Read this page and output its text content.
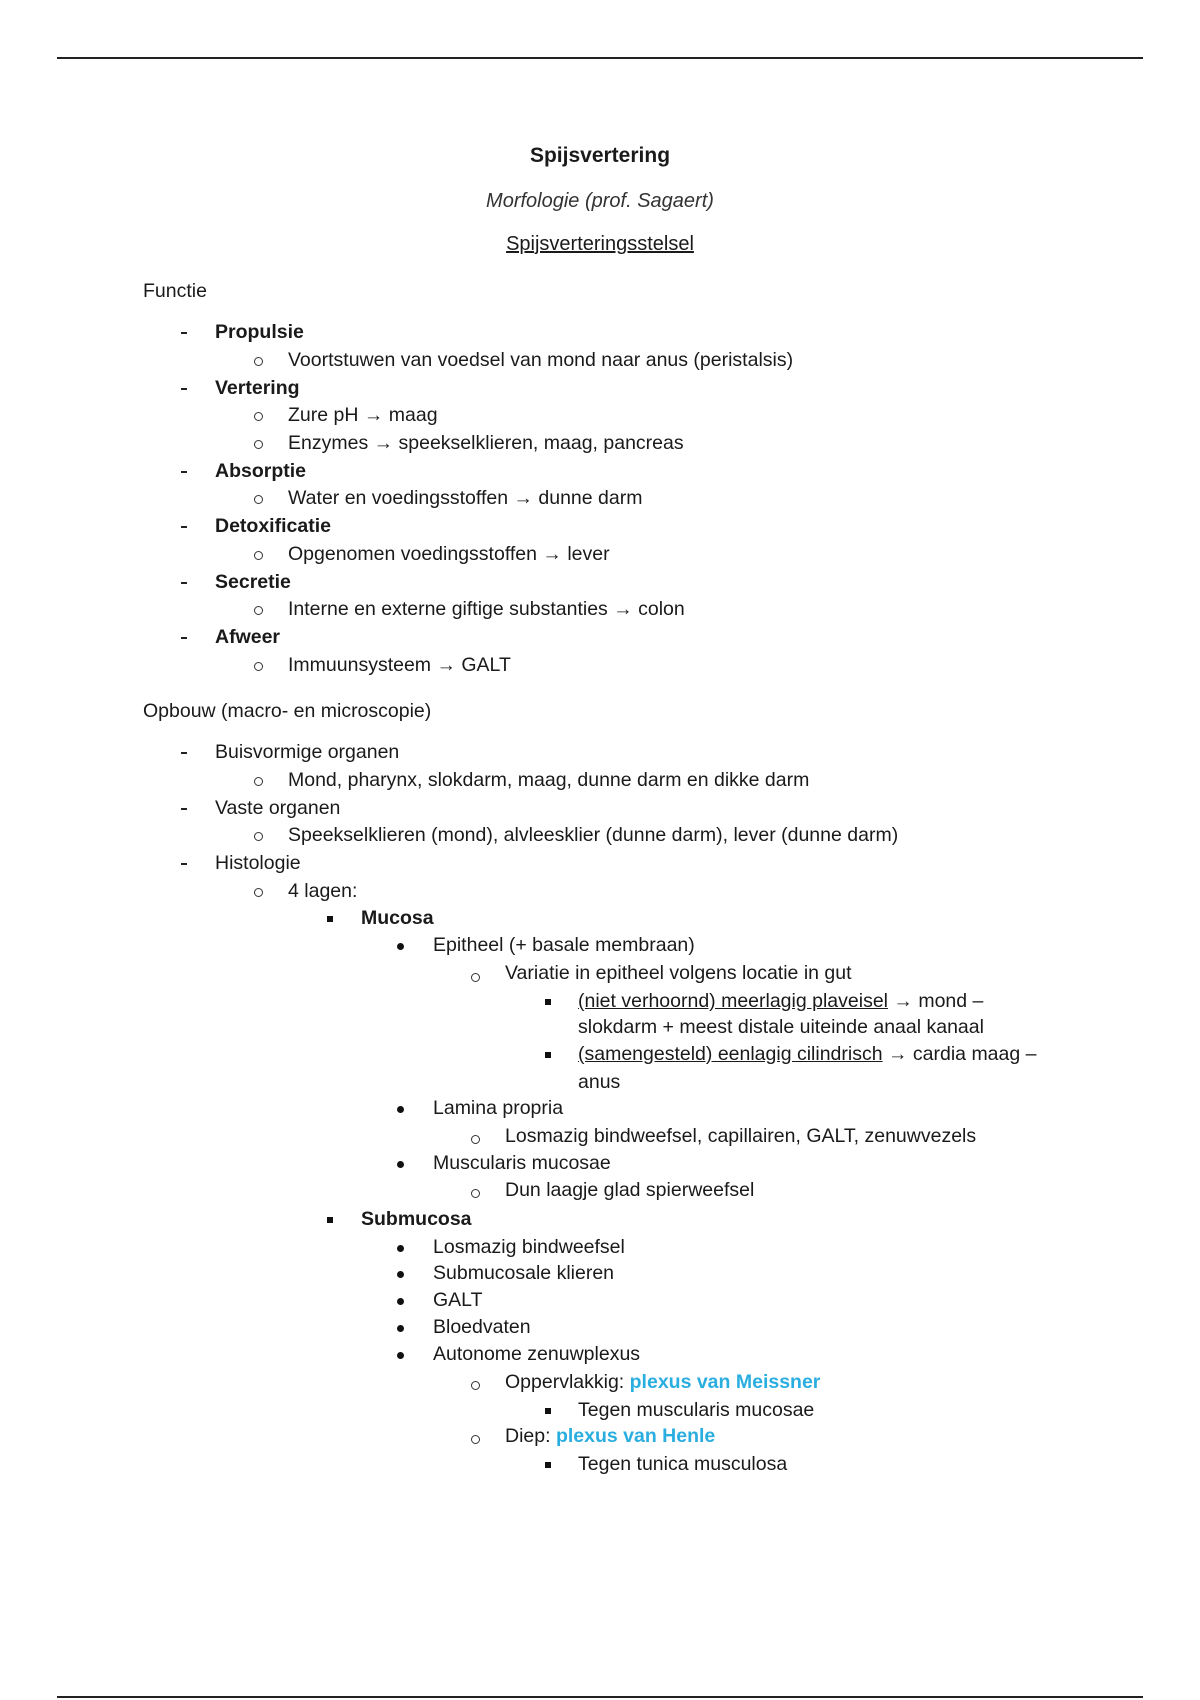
Spijsvertering
Morfologie (prof. Sagaert)
Spijsverteringsstelsel
Functie
Propulsie
Voortstuwen van voedsel van mond naar anus (peristalsis)
Vertering
Zure pH → maag
Enzymes → speekselklieren, maag, pancreas
Absorptie
Water en voedingsstoffen → dunne darm
Detoxificatie
Opgenomen voedingsstoffen → lever
Secretie
Interne en externe giftige substanties → colon
Afweer
Immuunsysteem → GALT
Opbouw (macro- en microscopie)
Buisvormige organen
Mond, pharynx, slokdarm, maag, dunne darm en dikke darm
Vaste organen
Speekselklieren (mond), alvleesklier (dunne darm), lever (dunne darm)
Histologie
4 lagen:
Mucosa
Epitheel (+ basale membraan)
Variatie in epitheel volgens locatie in gut
(niet verhoornd) meerlagig plaveisel → mond –
slokdarm + meest distale uiteinde anaal kanaal
(samengesteld) eenlagig cilindrisch → cardia maag –
anus
Lamina propria
Losmazig bindweefsel, capillairen, GALT, zenuwvezels
Muscularis mucosae
Dun laagje glad spierweefsel
Submucosa
Losmazig bindweefsel
Submucosale klieren
GALT
Bloedvaten
Autonome zenuwplexus
Oppervlakkig: plexus van Meissner
Tegen muscularis mucosae
Diep: plexus van Henle
Tegen tunica musculosa
